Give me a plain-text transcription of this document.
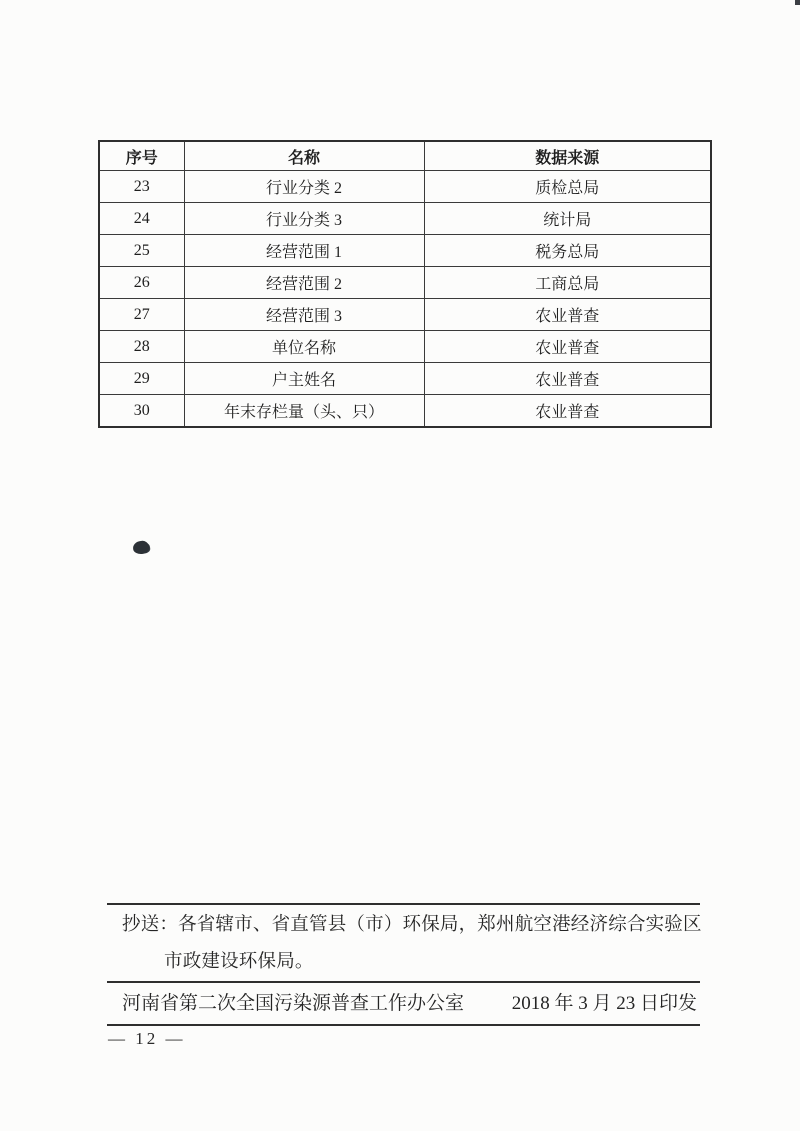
序号	名称	数据来源
23	行业分类 2	质检总局
24	行业分类 3	统计局
25	经营范围 1	税务总局
26	经营范围 2	工商总局
27	经营范围 3	农业普查
28	单位名称	农业普查
29	户主姓名	农业普查
30	年末存栏量（头、只）	农业普查
抄送：各省辖市、省直管县（市）环保局，郑州航空港经济综合实验区
市政建设环保局。
河南省第二次全国污染源普查工作办公室	2018 年 3 月 23 日印发
— 12 —
